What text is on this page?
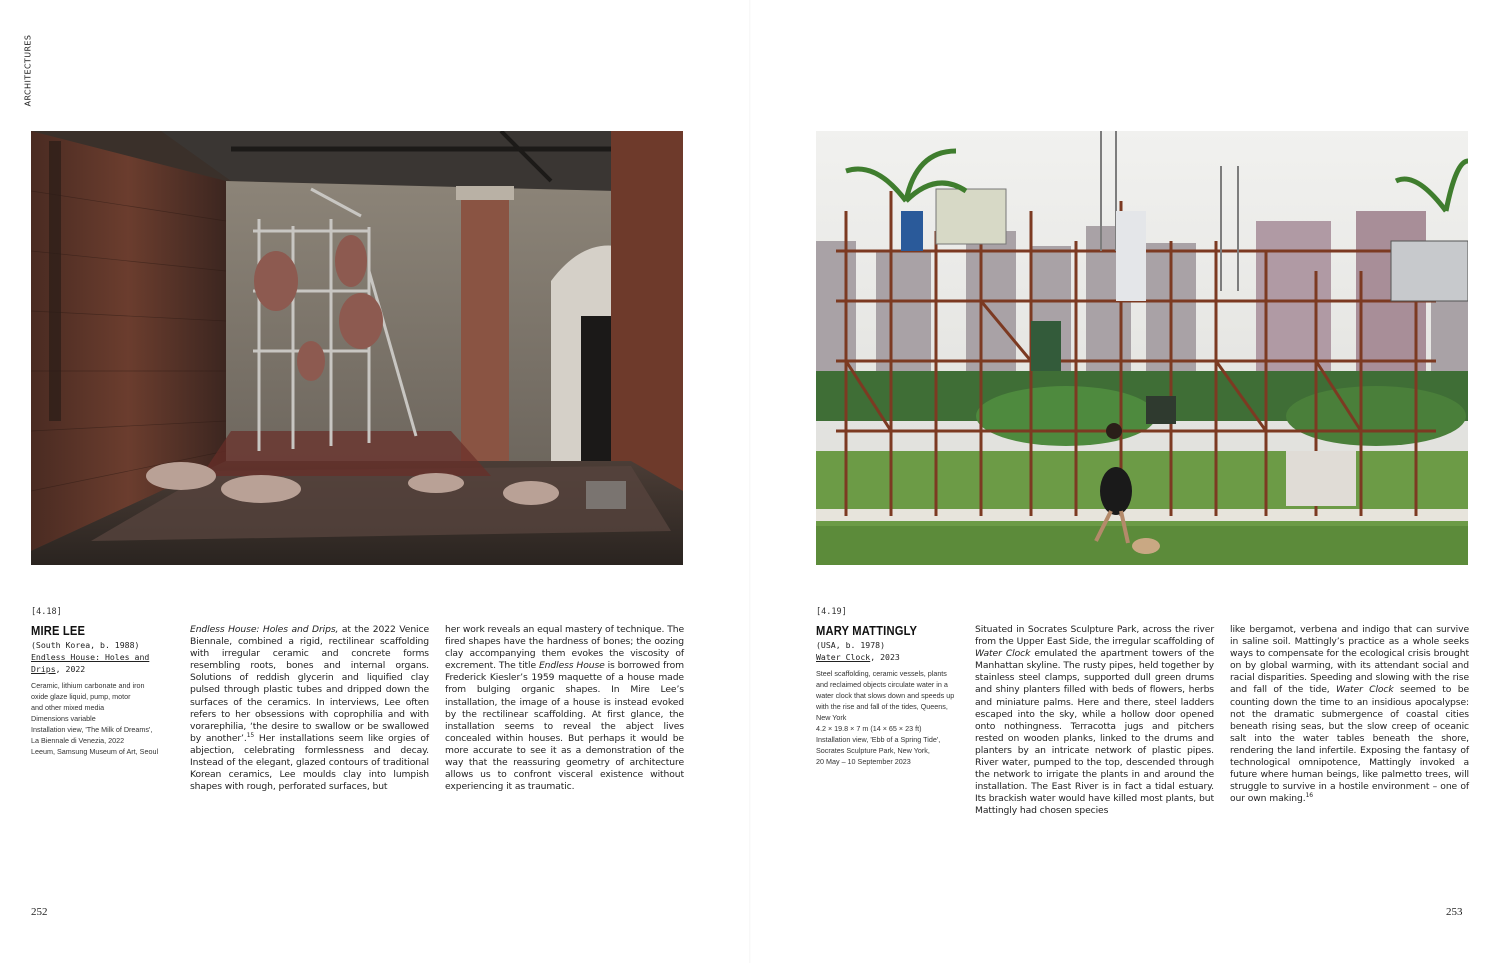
ARCHITECTURES
[4.18]
MIRE LEE
(South Korea, b. 1988)
Endless House: Holes and
Drips, 2022
Ceramic, lithium carbonate and iron
oxide glaze liquid, pump, motor
and other mixed media
Dimensions variable
Installation view, 'The Milk of Dreams',
La Biennale di Venezia, 2022
Leeum, Samsung Museum of Art, Seoul

Endless House: Holes and Drips, at the 2022 Venice Biennale, combined a rigid, rectilinear scaffolding with irregular ceramic and concrete forms resembling roots, bones and internal organs. Solutions of reddish glycerin and liquified clay pulsed through plastic tubes and dripped down the surfaces of the ceramics. In interviews, Lee often refers to her obsessions with coprophilia and with vorarephilia, ‘the desire to swallow or be swallowed by another’.$^{15}$ Her installations seem like orgies of abjection, celebrating formlessness and decay. Instead of the elegant, glazed contours of traditional Korean ceramics, Lee moulds clay into lumpish shapes with rough, perforated surfaces, but

her work reveals an equal mastery of technique. The fired shapes have the hardness of bones; the oozing clay accompanying them evokes the viscosity of excrement. The title Endless House is borrowed from Frederick Kiesler’s 1959 maquette of a house made from bulging organic shapes. In Mire Lee’s installation, the image of a house is instead evoked by the rectilinear scaffolding. At first glance, the installation seems to reveal the abject lives concealed within houses. But perhaps it would be more accurate to see it as a demonstration of the way that the reassuring geometry of architecture allows us to confront visceral existence without experiencing it as traumatic.

252
[4.19]
MARY MATTINGLY
(USA, b. 1978)
Water Clock, 2023
Steel scaffolding, ceramic vessels, plants
and reclaimed objects circulate water in a
water clock that slows down and speeds up
with the rise and fall of the tides, Queens,
New York
4.2 × 19.8 × 7 m (14 × 65 × 23 ft)
Installation view, 'Ebb of a Spring Tide',
Socrates Sculpture Park, New York,
20 May – 10 September 2023

Situated in Socrates Sculpture Park, across the river from the Upper East Side, the irregular scaffolding of Water Clock emulated the apartment towers of the Manhattan skyline. The rusty pipes, held together by stainless steel clamps, supported dull green drums and shiny planters filled with beds of flowers, herbs and miniature palms. Here and there, steel ladders escaped into the sky, while a hollow door opened onto nothingness. Terracotta jugs and pitchers rested on wooden planks, linked to the drums and planters by an intricate network of plastic pipes. River water, pumped to the top, descended through the network to irrigate the plants in and around the installation. The East River is in fact a tidal estuary. Its brackish water would have killed most plants, but Mattingly had chosen species

like bergamot, verbena and indigo that can survive in saline soil. Mattingly’s practice as a whole seeks ways to compensate for the ecological crisis brought on by global warming, with its attendant social and racial disparities. Speeding and slowing with the rise and fall of the tide, Water Clock seemed to be counting down the time to an insidious apocalypse: not the dramatic submergence of coastal cities beneath rising seas, but the slow creep of oceanic salt into the water tables beneath the shore, rendering the land infertile. Exposing the fantasy of technological omnipotence, Mattingly invoked a future where human beings, like palmetto trees, will struggle to survive in a hostile environment – one of our own making.$^{16}$

253
